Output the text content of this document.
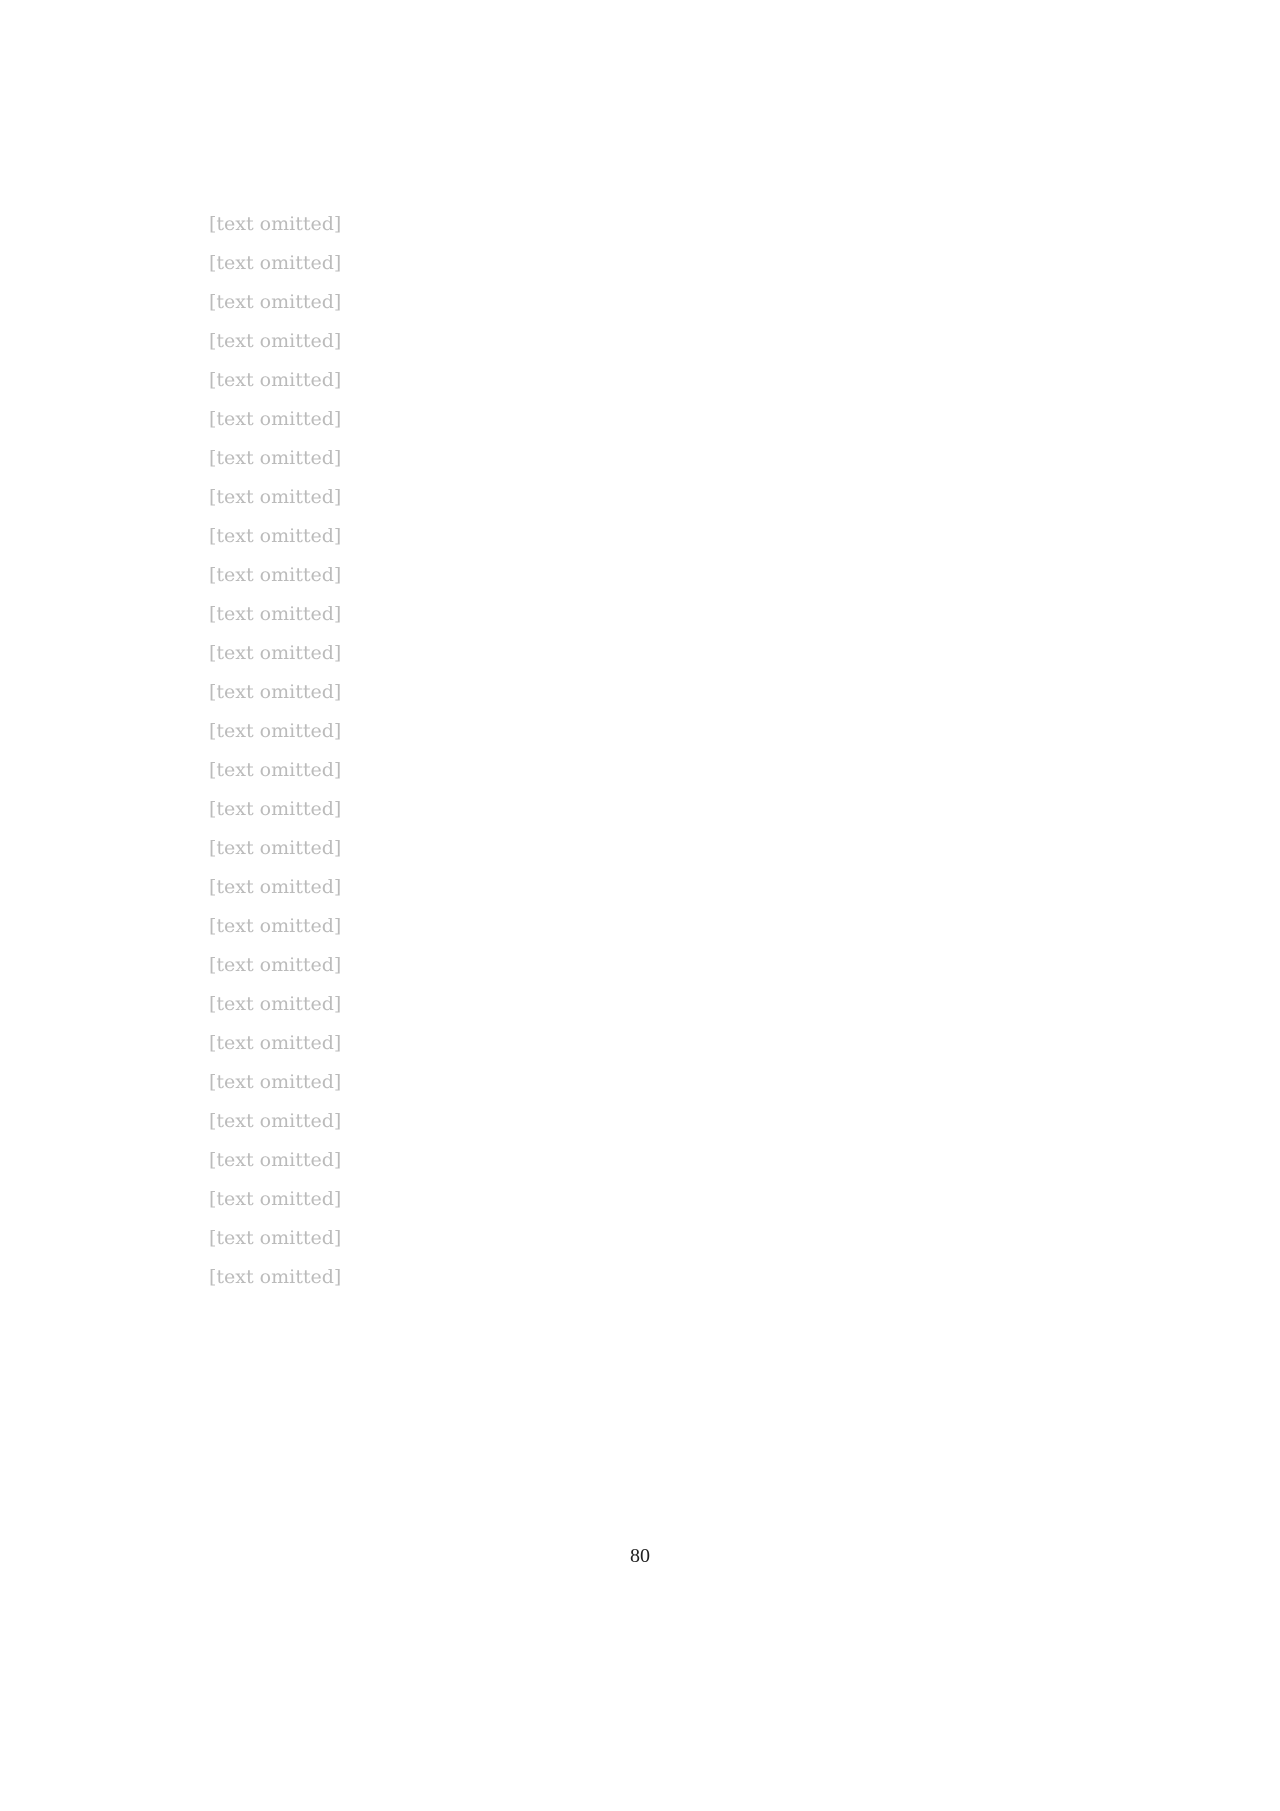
[text omitted]

[text omitted]

[text omitted]

[text omitted]

[text omitted]

[text omitted]

[text omitted]

[text omitted]

[text omitted]

[text omitted]

[text omitted]

[text omitted]

[text omitted]

[text omitted]

[text omitted]

[text omitted]

[text omitted]

[text omitted]

[text omitted]

[text omitted]

[text omitted]

[text omitted]

[text omitted]

[text omitted]

[text omitted]

[text omitted]

[text omitted]

[text omitted]

80
